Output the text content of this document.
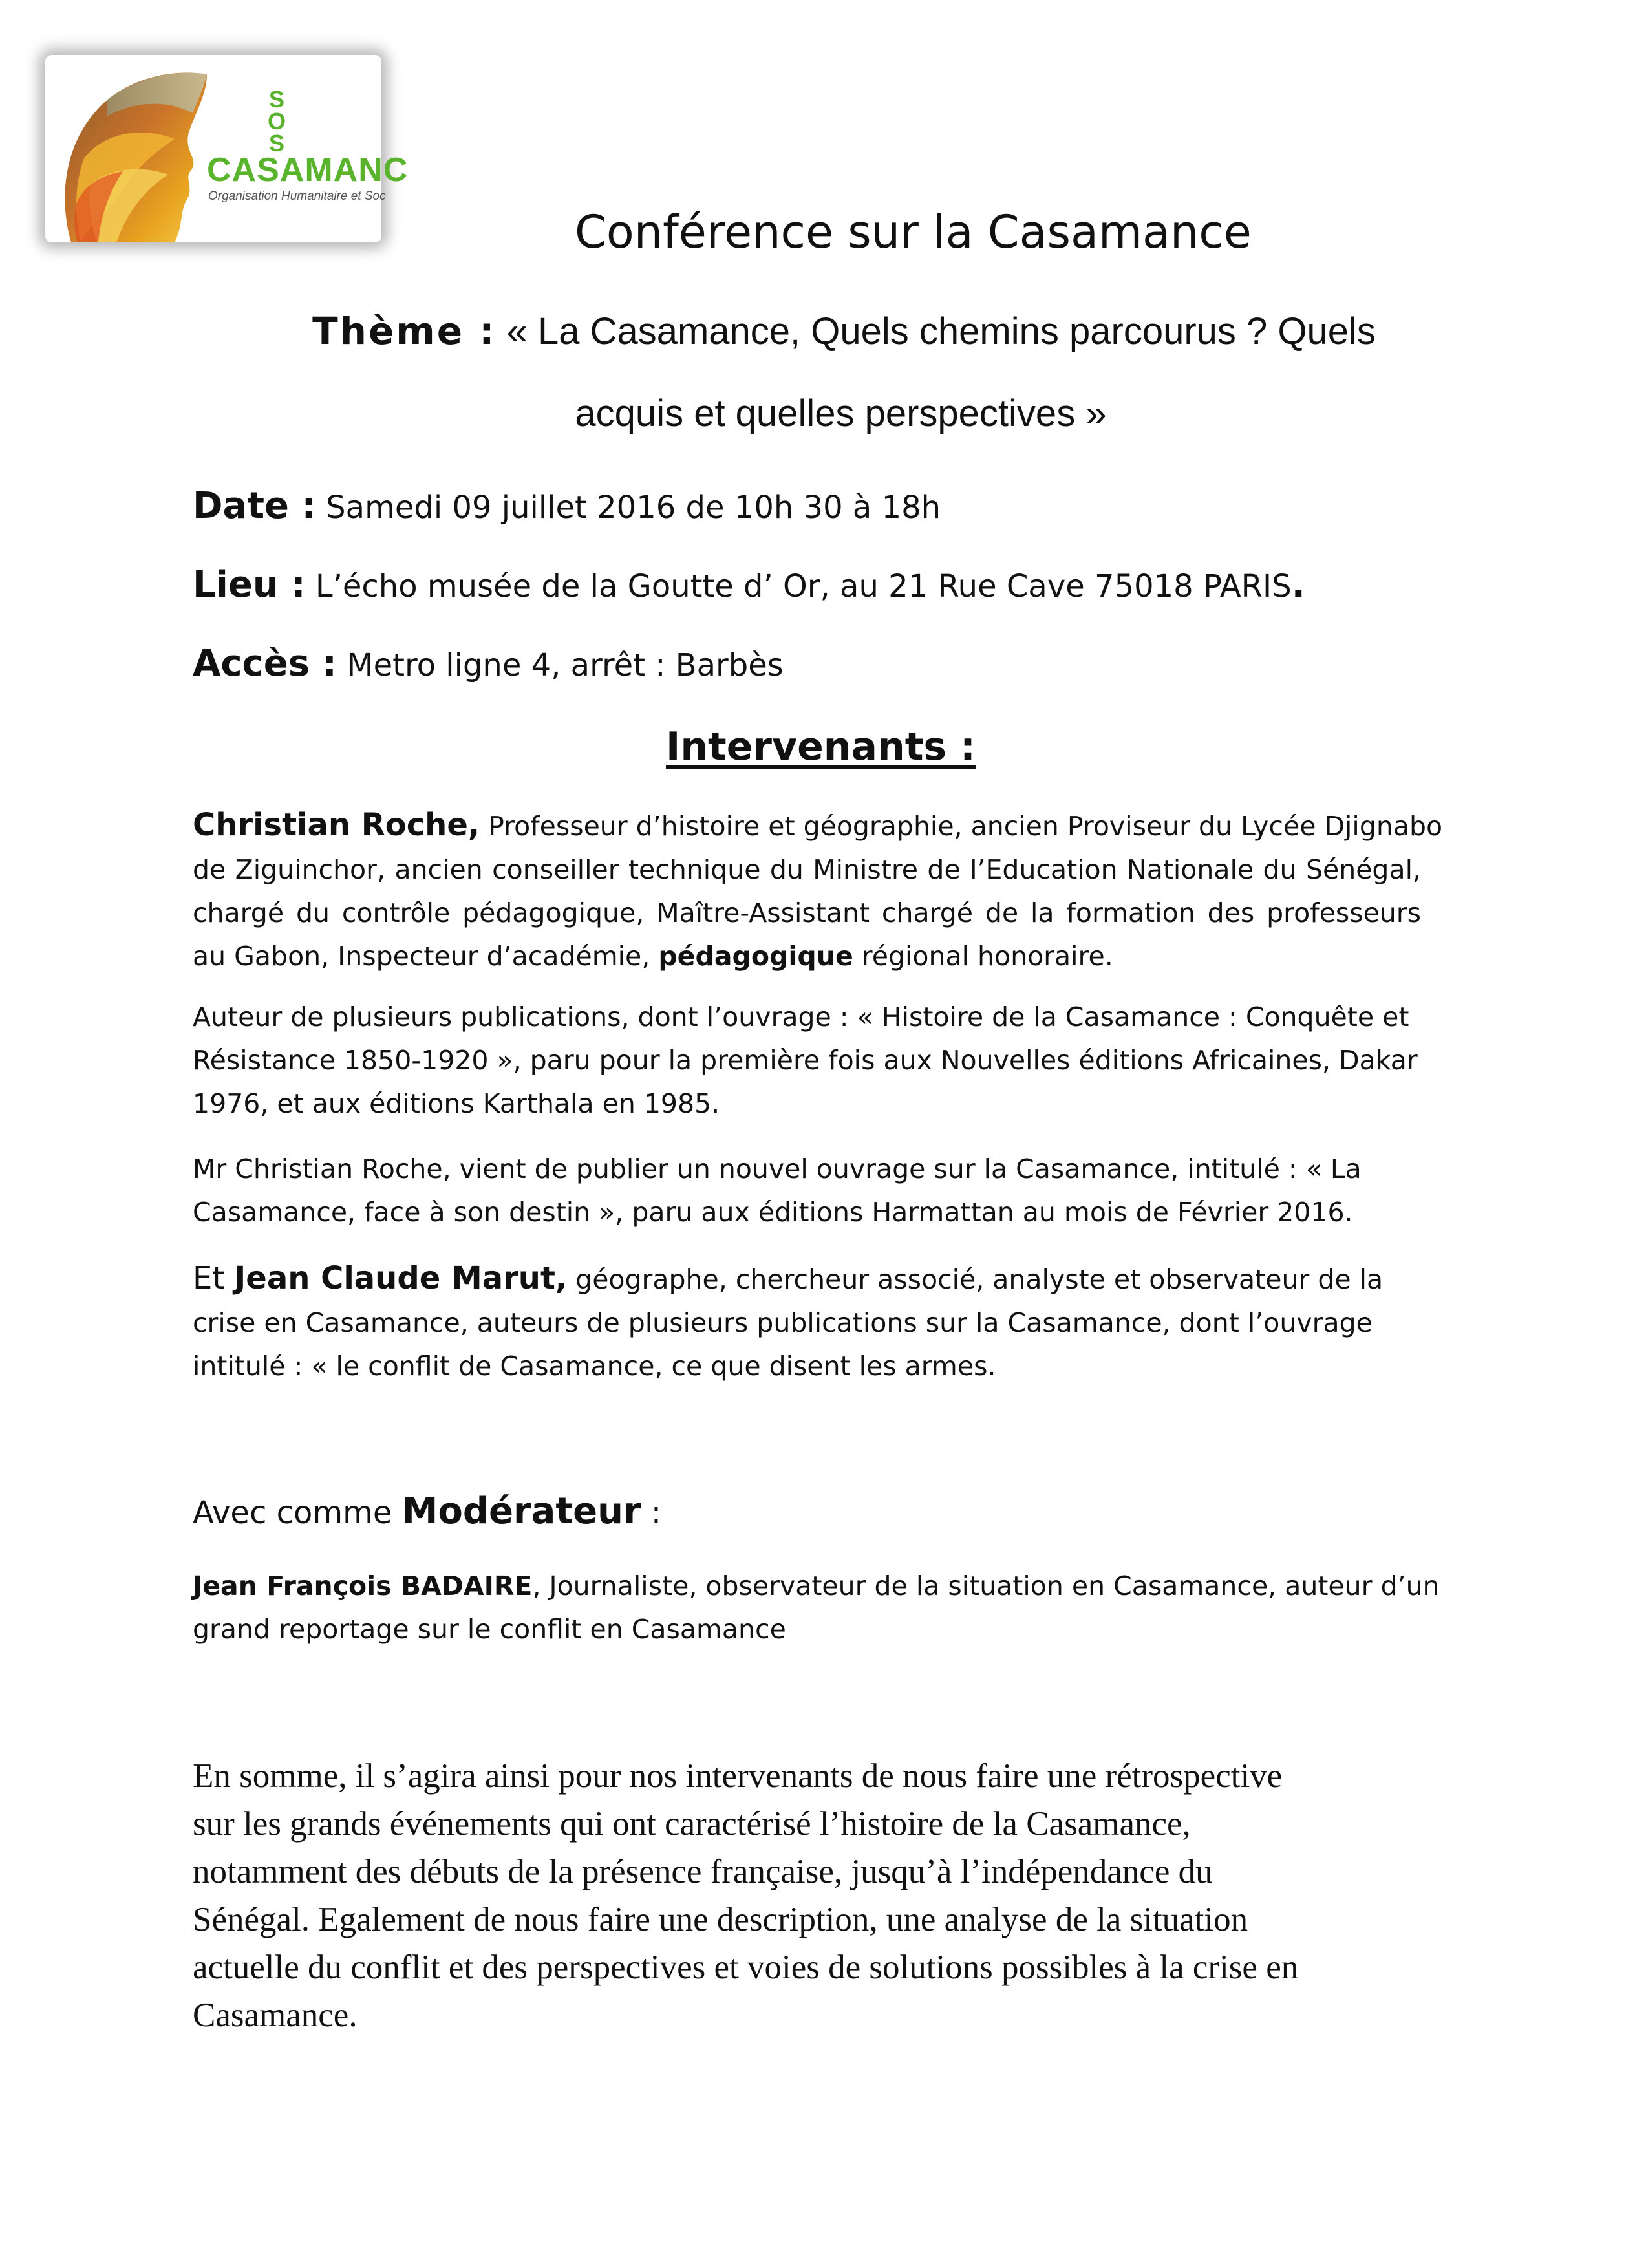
S
O
S
CASAMANC
Organisation Humanitaire et Soc
Conférence sur la Casamance
Thème : « La Casamance, Quels chemins parcourus ? Quels
acquis et quelles perspectives »
Date : Samedi 09 juillet 2016 de 10h 30 à 18h
Lieu : L’écho musée de la Goutte d’ Or, au 21 Rue Cave 75018 PARIS.
Accès : Metro ligne 4, arrêt : Barbès
Intervenants :
Christian Roche, Professeur d’histoire et géographie, ancien Proviseur du Lycée Djignabo
de Ziguinchor, ancien conseiller technique du Ministre de l’Education Nationale du Sénégal,
chargé du contrôle pédagogique, Maître-Assistant chargé de la formation des professeurs
au Gabon, Inspecteur d’académie, pédagogique régional honoraire.
Auteur de plusieurs publications, dont l’ouvrage : « Histoire de la Casamance : Conquête et
Résistance 1850-1920 », paru pour la première fois aux Nouvelles éditions Africaines, Dakar
1976, et aux éditions Karthala en 1985.
Mr Christian Roche, vient de publier un nouvel ouvrage sur la Casamance, intitulé : « La
Casamance, face à son destin », paru aux éditions Harmattan au mois de Février 2016.
Et Jean Claude Marut, géographe, chercheur associé, analyste et observateur de la
crise en Casamance, auteurs de plusieurs publications sur la Casamance, dont l’ouvrage
intitulé : « le conflit de Casamance, ce que disent les armes.
Avec comme Modérateur :
Jean François BADAIRE, Journaliste, observateur de la situation en Casamance, auteur d’un
grand reportage sur le conflit en Casamance
En somme, il s’agira ainsi pour nos intervenants de nous faire une rétrospective
sur les grands événements qui ont caractérisé l’histoire de la Casamance,
notamment des débuts de la présence française, jusqu’à l’indépendance du
Sénégal. Egalement de nous faire une description, une analyse de la situation
actuelle du conflit et des perspectives et voies de solutions possibles à la crise en
Casamance.
